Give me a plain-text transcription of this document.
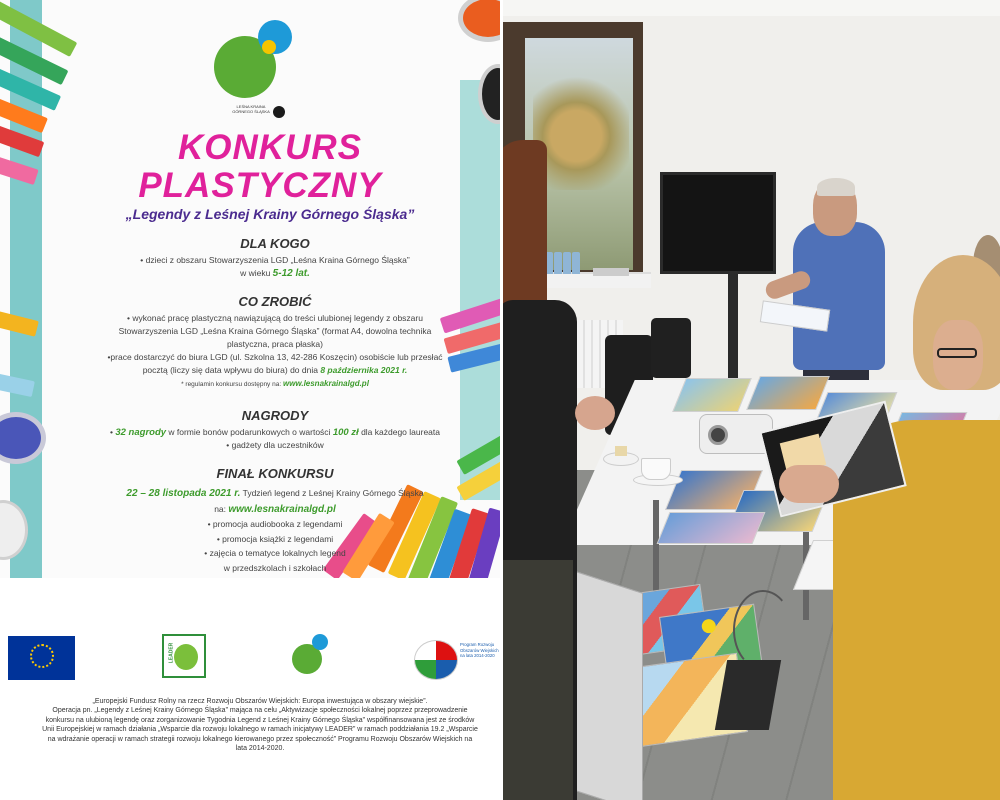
LEŚNA KRAINA GÓRNEGO ŚLĄSKA
KONKURS
PLASTYCZNY
„Legendy z Leśnej Krainy Górnego Śląska”
DLA KOGO
• dzieci z obszaru Stowarzyszenia LGD „Leśna Kraina Górnego Śląska”
w wieku 5-12 lat.
CO ZROBIĆ
• wykonać pracę plastyczną nawiązującą do treści ulubionej legendy z obszaru
Stowarzyszenia LGD „Leśna Kraina Górnego Śląska” (format A4, dowolna technika
plastyczna, praca płaska)
•prace dostarczyć do biura LGD (ul. Szkolna 13, 42-286 Koszęcin) osobiście lub przesłać
pocztą (liczy się data wpływu do biura) do dnia 8 października 2021 r.
* regulamin konkursu dostępny na: www.lesnakrainalgd.pl
NAGRODY
• 32 nagrody w formie bonów podarunkowych o wartości 100 zł dla każdego laureata
• gadżety dla uczestników
FINAŁ KONKURSU
22 – 28 listopada 2021 r. Tydzień legend z Leśnej Krainy Górnego Śląska
na: www.lesnakrainalgd.pl
• promocja audiobooka z legendami
• promocja książki z legendami
• zajęcia o tematyce lokalnych legend
w przedszkolach i szkołach
LEADER	Program Rozwoju Obszarów Wiejskich na lata 2014-2020
„Europejski Fundusz Rolny na rzecz Rozwoju Obszarów Wiejskich: Europa inwestująca w obszary wiejskie”.
Operacja pn. „Legendy z Leśnej Krainy Górnego Śląska” mająca na celu „Aktywizacje społeczności lokalnej poprzez przeprowadzenie
konkursu na ulubioną legendę oraz zorganizowanie Tygodnia Legend z Leśnej Krainy Górnego Śląska” współfinansowana jest ze środków
Unii Europejskiej w ramach działania „Wsparcie dla rozwoju lokalnego w ramach inicjatywy LEADER” w ramach poddziałania 19.2 „Wsparcie
na wdrażanie operacji w ramach strategii rozwoju lokalnego kierowanego przez społeczność” Programu Rozwoju Obszarów Wiejskich na
lata 2014-2020.
